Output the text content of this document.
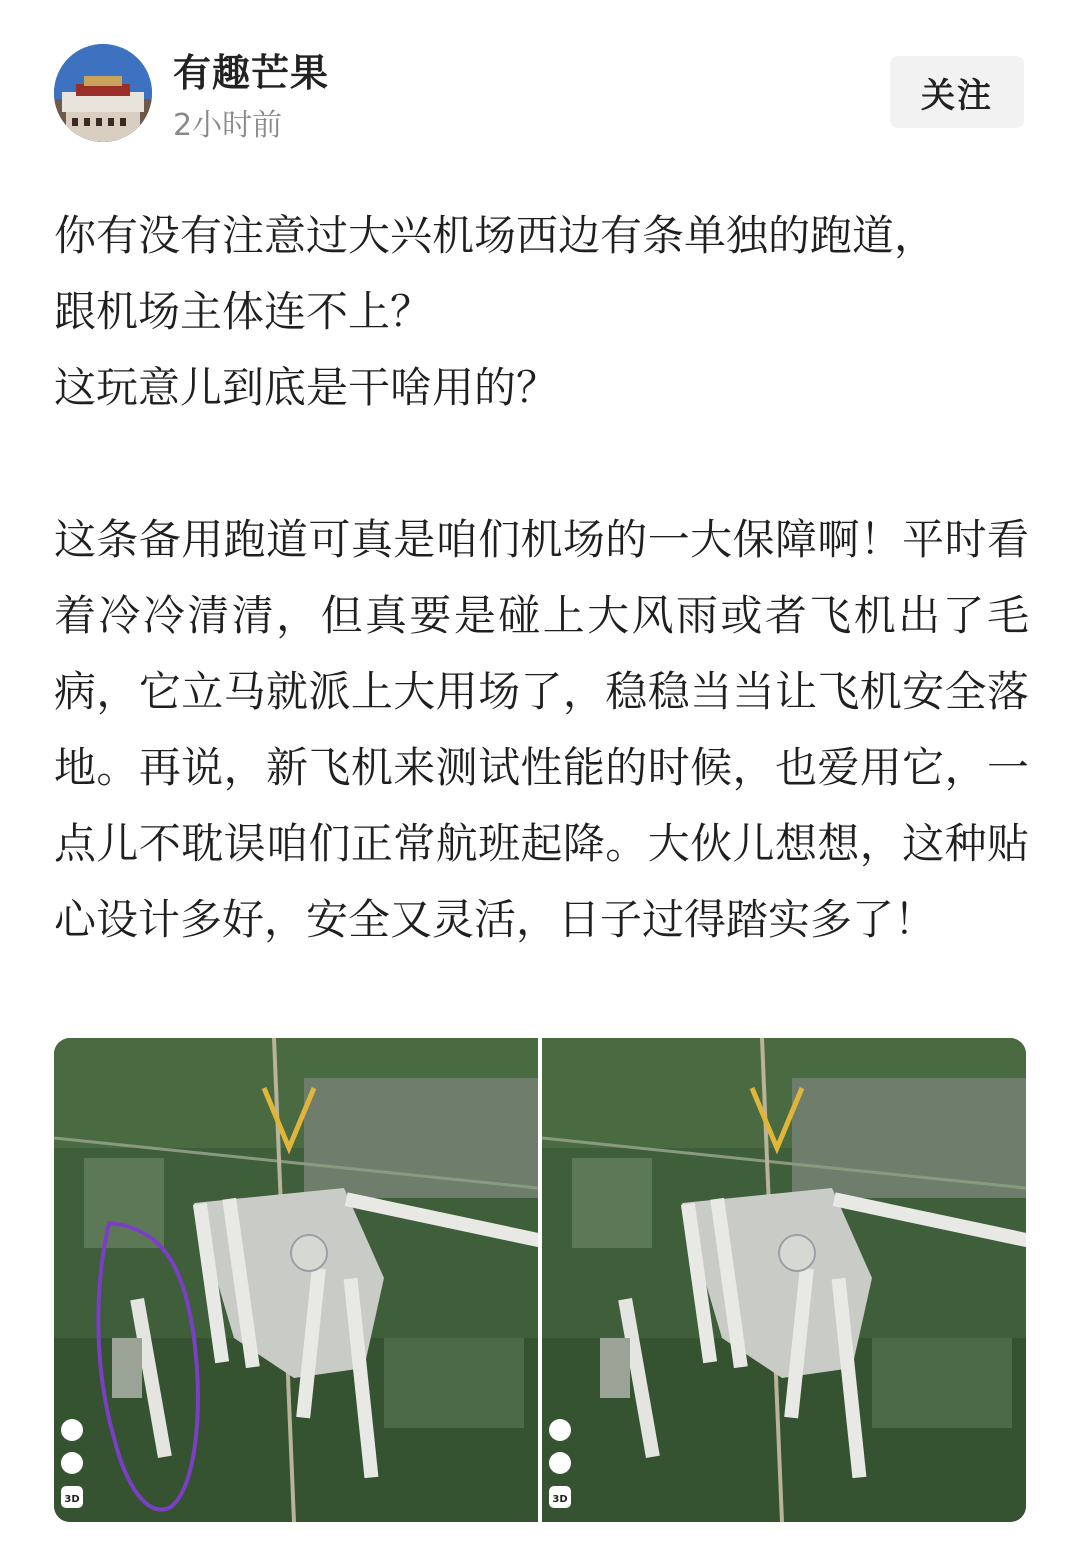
有趣芒果
2小时前
关注

你有没有注意过大兴机场西边有条单独的跑道，

跟机场主体连不上？

这玩意儿到底是干啥用的？

这条备用跑道可真是咱们机场的一大保障啊！平时看着冷冷清清，但真要是碰上大风雨或者飞机出了毛病，它立马就派上大用场了，稳稳当当让飞机安全落地。再说，新飞机来测试性能的时候，也爱用它，一点儿不耽误咱们正常航班起降。大伙儿想想，这种贴心设计多好，安全又灵活，日子过得踏实多了！

3D	3D
